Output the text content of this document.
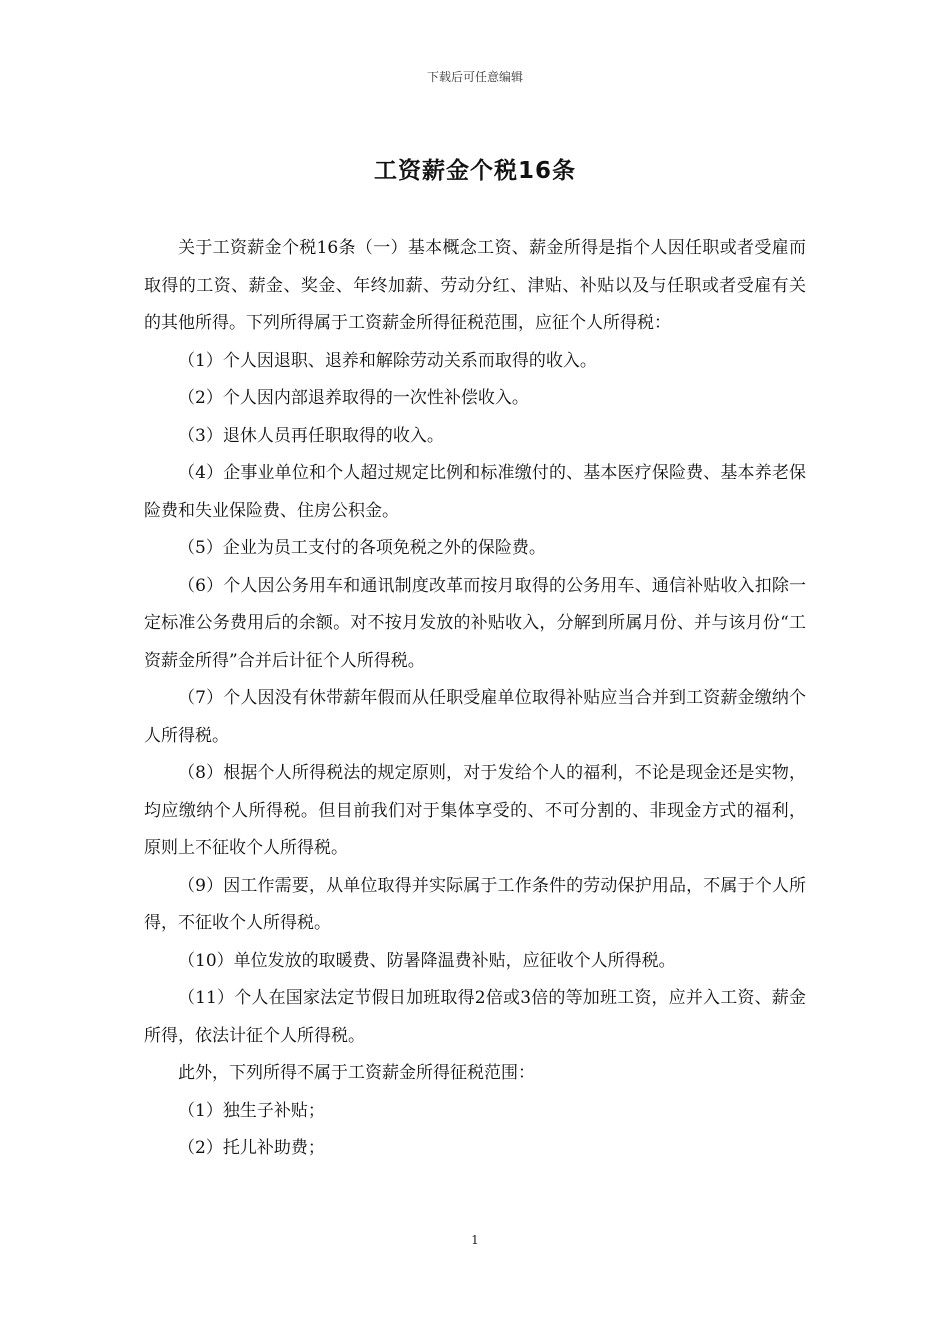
下载后可任意编辑
工资薪金个税16条

关于工资薪金个税16条（一）基本概念工资、薪金所得是指个人因任职或者受雇而取得的工资、薪金、奖金、年终加薪、劳动分红、津贴、补贴以及与任职或者受雇有关的其他所得。下列所得属于工资薪金所得征税范围，应征个人所得税：

（1）个人因退职、退养和解除劳动关系而取得的收入。

（2）个人因内部退养取得的一次性补偿收入。

（3）退休人员再任职取得的收入。

（4）企事业单位和个人超过规定比例和标准缴付的、基本医疗保险费、基本养老保险费和失业保险费、住房公积金。

（5）企业为员工支付的各项免税之外的保险费。

（6）个人因公务用车和通讯制度改革而按月取得的公务用车、通信补贴收入扣除一定标准公务费用后的余额。对不按月发放的补贴收入，分解到所属月份、并与该月份“工资薪金所得”合并后计征个人所得税。

（7）个人因没有休带薪年假而从任职受雇单位取得补贴应当合并到工资薪金缴纳个人所得税。

（8）根据个人所得税法的规定原则，对于发给个人的福利，不论是现金还是实物，均应缴纳个人所得税。但目前我们对于集体享受的、不可分割的、非现金方式的福利，原则上不征收个人所得税。

（9）因工作需要，从单位取得并实际属于工作条件的劳动保护用品，不属于个人所得，不征收个人所得税。

（10）单位发放的取暖费、防暑降温费补贴，应征收个人所得税。

（11）个人在国家法定节假日加班取得2倍或3倍的等加班工资，应并入工资、薪金所得，依法计征个人所得税。

此外，下列所得不属于工资薪金所得征税范围：

（1）独生子补贴；

（2）托儿补助费；

1
